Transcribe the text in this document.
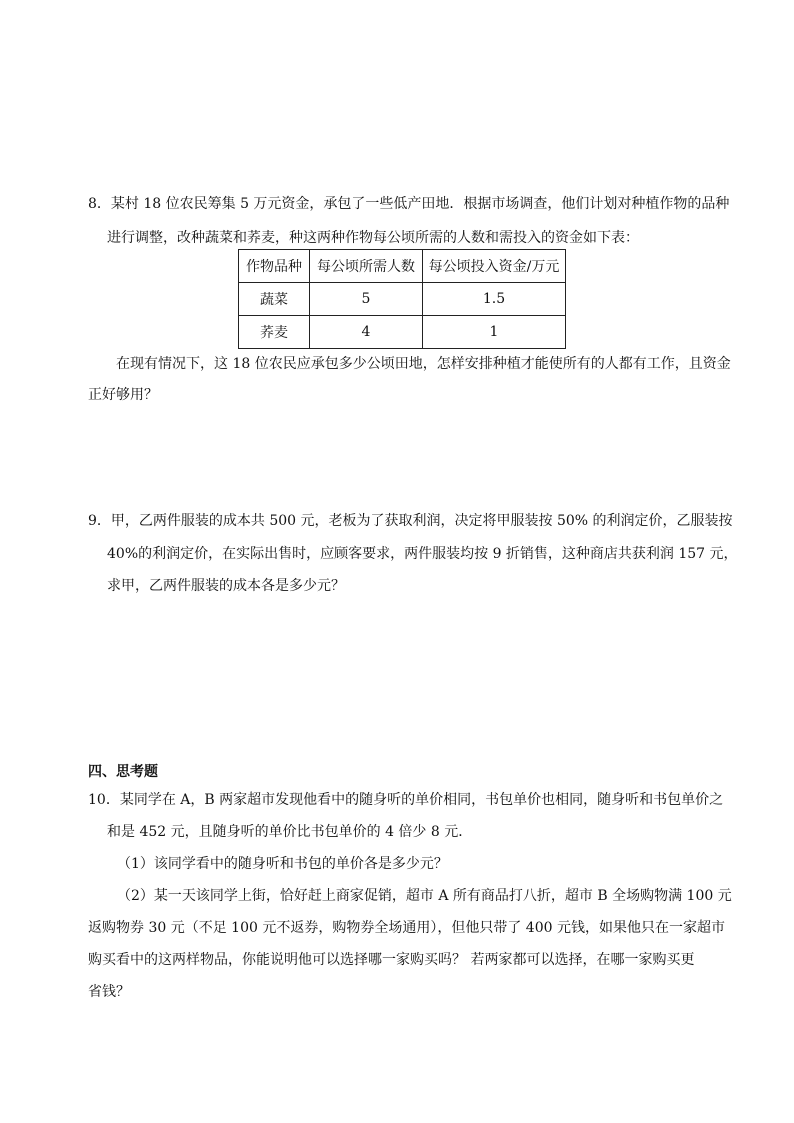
8．某村 18 位农民筹集 5 万元资金，承包了一些低产田地．根据市场调查，他们计划对种植作物的品种
进行调整，改种蔬菜和荞麦，种这两种作物每公顷所需的人数和需投入的资金如下表：
作物品种	每公顷所需人数	每公顷投入资金/万元
蔬菜	5	1.5
荞麦	4	1
在现有情况下，这 18 位农民应承包多少公顷田地，怎样安排种植才能使所有的人都有工作，且资金
正好够用？
9．甲，乙两件服装的成本共 500 元，老板为了获取利润，决定将甲服装按 50% 的利润定价，乙服装按
40%的利润定价，在实际出售时，应顾客要求，两件服装均按 9 折销售，这种商店共获利润 157 元，
求甲，乙两件服装的成本各是多少元？
四、思考题
10．某同学在 A，B 两家超市发现他看中的随身听的单价相同，书包单价也相同，随身听和书包单价之
和是 452 元，且随身听的单价比书包单价的 4 倍少 8 元．
（1）该同学看中的随身听和书包的单价各是多少元？
（2）某一天该同学上街，恰好赶上商家促销，超市 A 所有商品打八折，超市 B 全场购物满 100 元
返购物券 30 元（不足 100 元不返券，购物券全场通用），但他只带了 400 元钱，如果他只在一家超市
购买看中的这两样物品，你能说明他可以选择哪一家购买吗？ 若两家都可以选择，在哪一家购买更
省钱？
